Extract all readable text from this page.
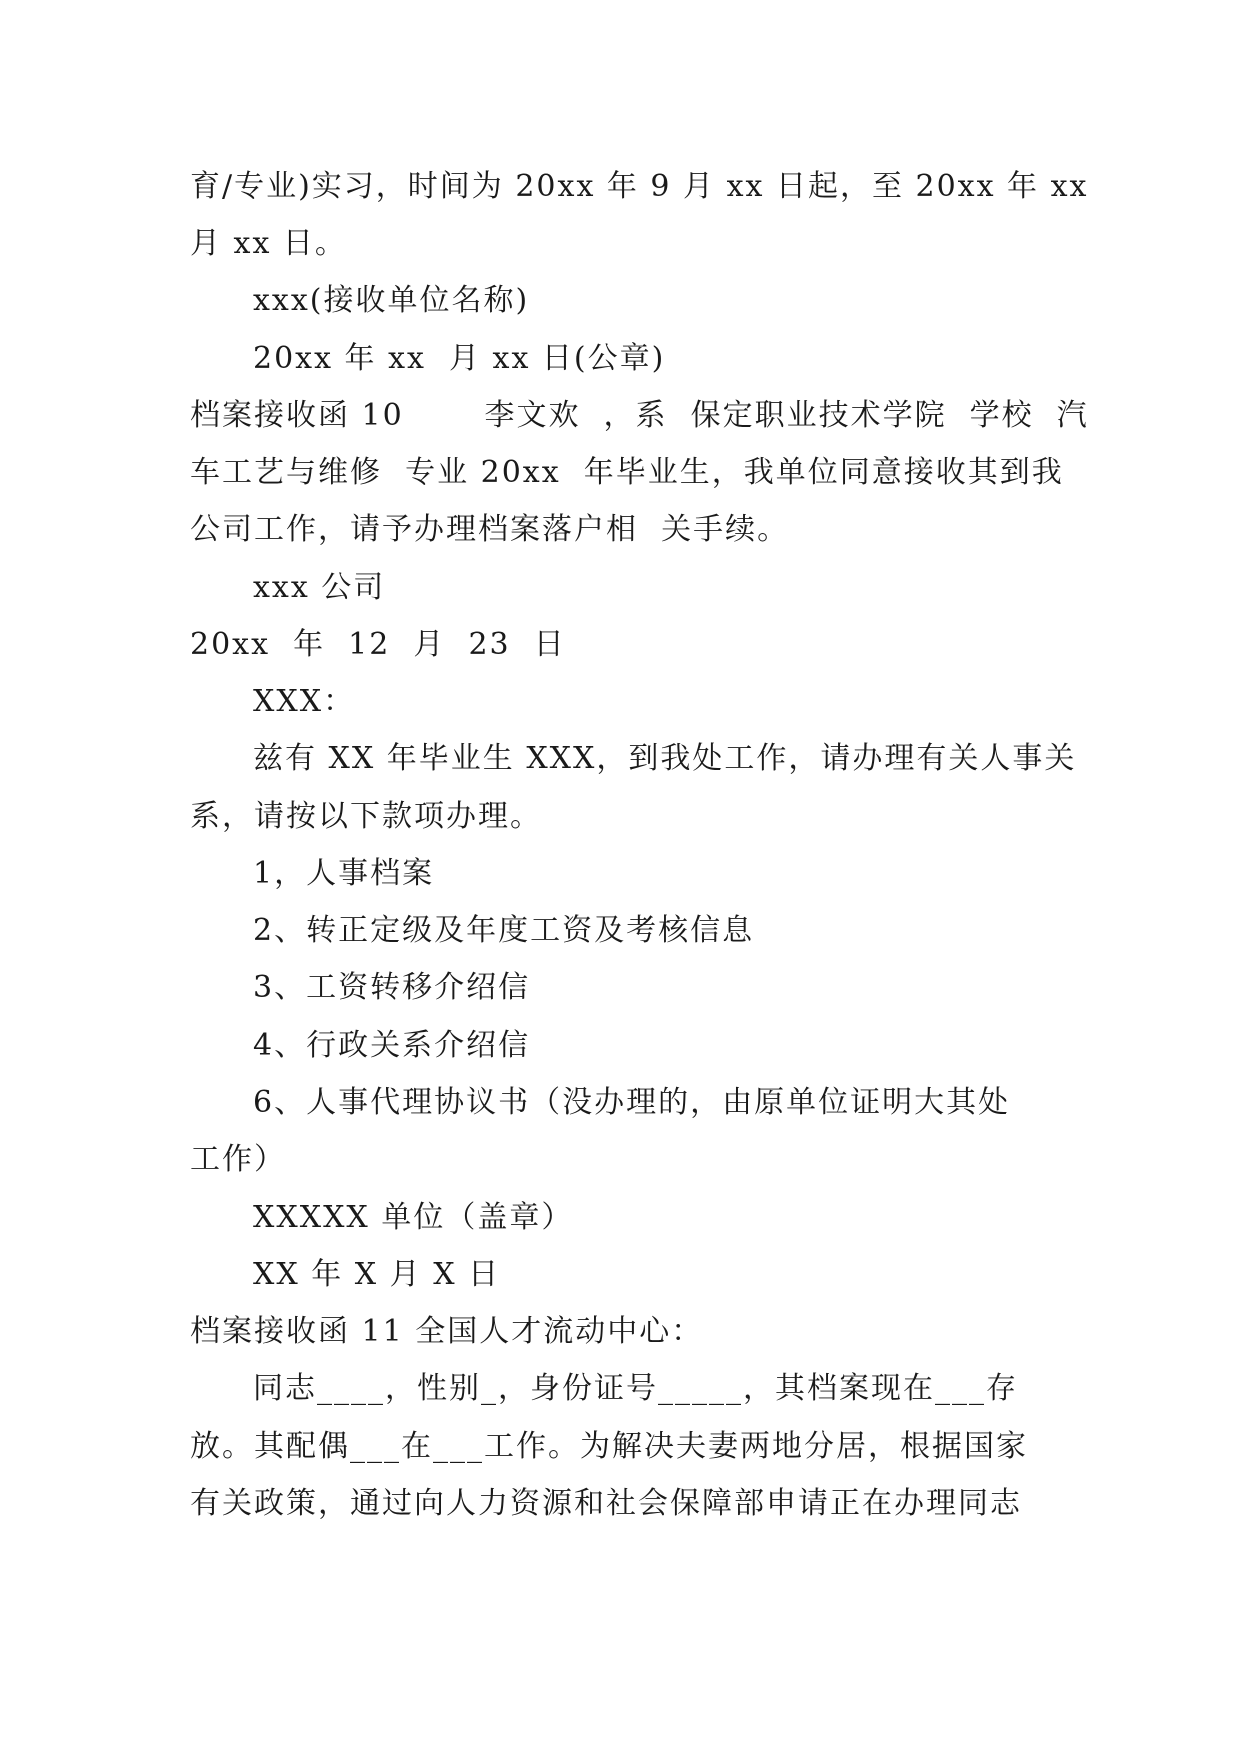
育/专业)实习，时间为 20xx 年 9 月 xx 日起，至 20xx 年 xx
月 xx 日。
xxx(接收单位名称)
20xx 年 xx  月 xx 日(公章)
档案接收函 10       李文欢  ，系  保定职业技术学院  学校  汽
车工艺与维修  专业 20xx  年毕业生，我单位同意接收其到我
公司工作，请予办理档案落户相  关手续。
xxx 公司
20xx  年  12  月  23  日
XXX：
兹有 XX 年毕业生 XXX，到我处工作，请办理有关人事关
系，请按以下款项办理。
1，人事档案
2、转正定级及年度工资及考核信息
3、工资转移介绍信
4、行政关系介绍信
6、人事代理协议书（没办理的，由原单位证明大其处
工作）
XXXXX 单位（盖章）
XX 年 X 月 X 日
档案接收函 11 全国人才流动中心：
同志____，性别_，身份证号_____，其档案现在___存
放。其配偶___在___工作。为解决夫妻两地分居，根据国家
有关政策，通过向人力资源和社会保障部申请正在办理同志
